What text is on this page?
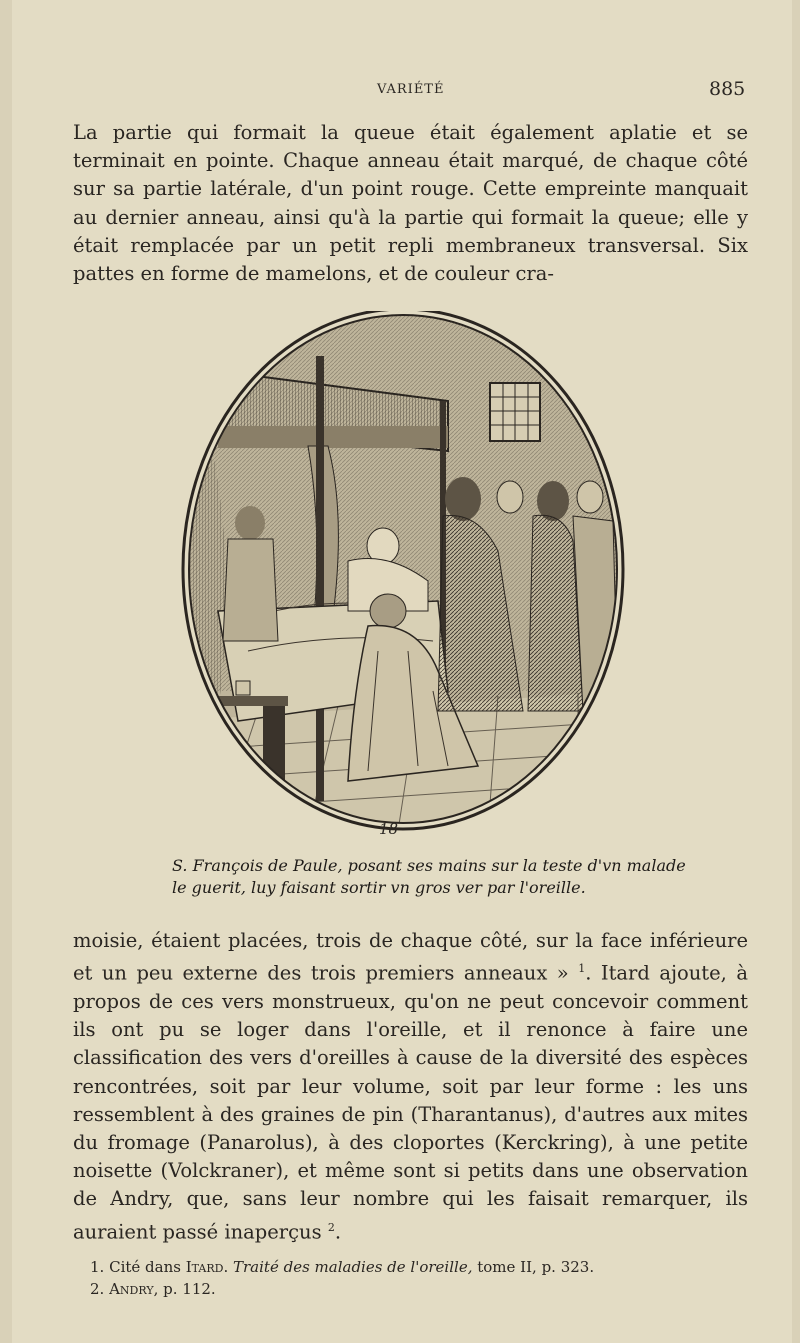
VARIÉTÉ	885
La partie qui formait la queue était également aplatie et se terminait en pointe. Chaque anneau était marqué, de chaque côté sur sa partie latérale, d'un point rouge. Cette empreinte manquait au dernier anneau, ainsi qu'à la partie qui formait la queue; elle y était remplacée par un petit repli membraneux transversal. Six pattes en forme de mamelons, et de couleur cra-
18
S. François de Paule, posant ses mains sur la teste d'vn malade le guerit, luy faisant sortir vn gros ver par l'oreille.
moisie, étaient placées, trois de chaque côté, sur la face inférieure et un peu externe des trois premiers anneaux » $^1$. Itard ajoute, à propos de ces vers monstrueux, qu'on ne peut concevoir comment ils ont pu se loger dans l'oreille, et il renonce à faire une classification des vers d'oreilles à cause de la diversité des espèces rencontrées, soit par leur volume, soit par leur forme : les uns ressemblent à des graines de pin (Tharantanus), d'autres aux mites du fromage (Panarolus), à des cloportes (Kerckring), à une petite noisette (Volckraner), et même sont si petits dans une observation de Andry, que, sans leur nombre qui les faisait remarquer, ils auraient passé inaperçus $^2$.
1. Cité dans Itard. Traité des maladies de l'oreille, tome II, p. 323.
2. Andry, p. 112.
